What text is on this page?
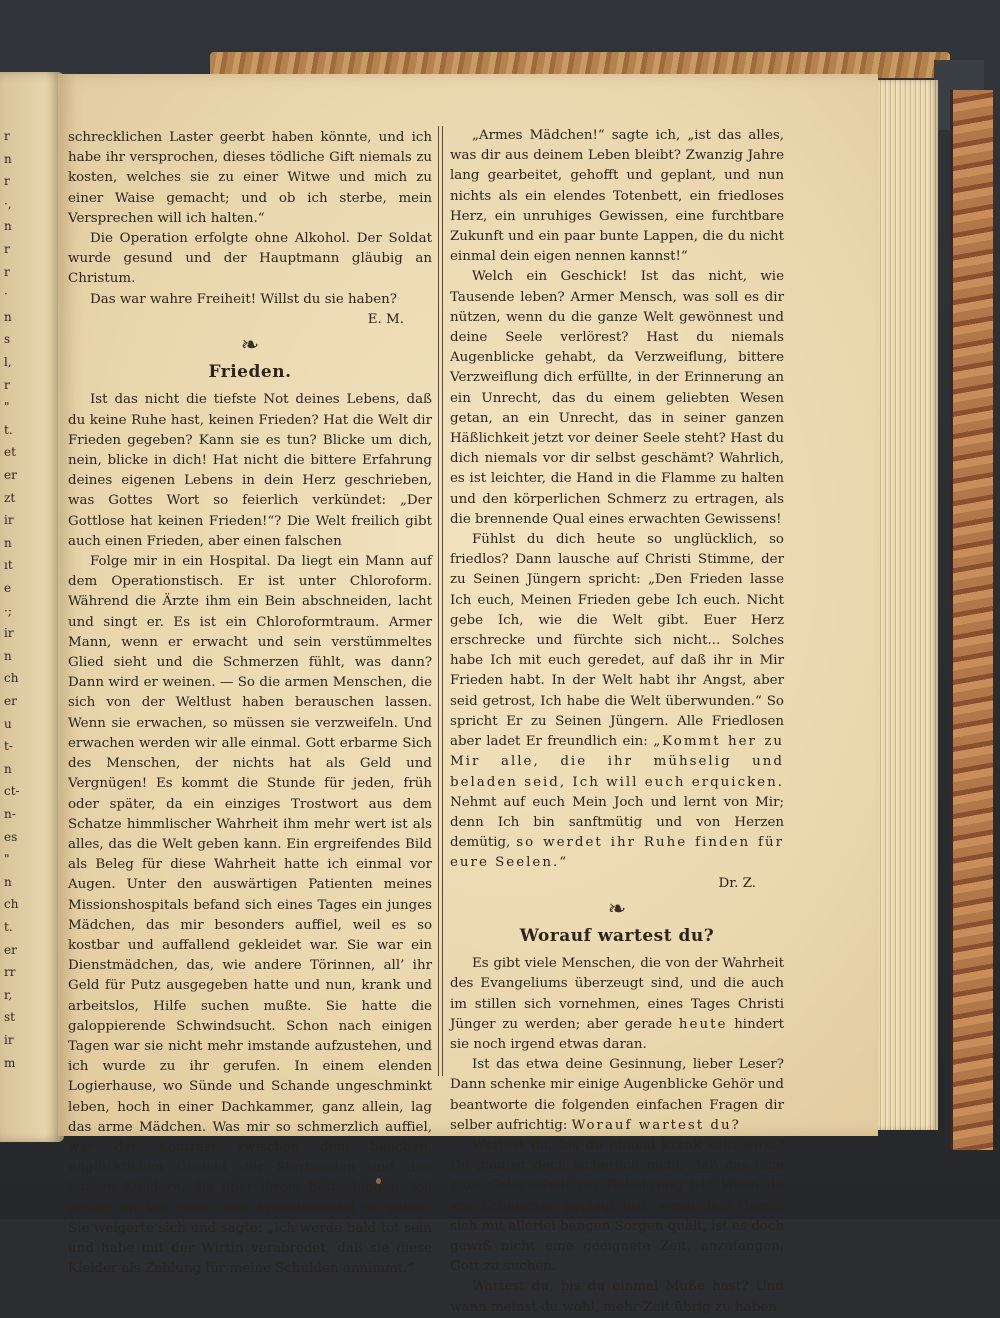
r
n
r
·,
n
r
r
·
n
s
l,
r
"
t.
et
er
zt
ir
n
ıt
e
·;
ir
n
ch
er
u
t-
n
ct-
n-
es
"
n
ch
t.
er
rr
r,
st
ir
m

schrecklichen Laster geerbt haben könnte, und ich habe ihr versprochen, dieses tödliche Gift niemals zu kosten, welches sie zu einer Witwe und mich zu einer Waise gemacht; und ob ich sterbe, mein Versprechen will ich halten.“

Die Operation erfolgte ohne Alkohol. Der Soldat wurde gesund und der Hauptmann gläubig an Christum.

Das war wahre Freiheit! Willst du sie haben?

E. M.

❧
Frieden.

Ist das nicht die tiefste Not deines Lebens, daß du keine Ruhe hast, keinen Frieden? Hat die Welt dir Frieden gegeben? Kann sie es tun? Blicke um dich, nein, blicke in dich! Hat nicht die bittere Erfahrung deines eigenen Lebens in dein Herz geschrieben, was Gottes Wort so feierlich verkündet: „Der Gottlose hat keinen Frieden!“? Die Welt freilich gibt auch einen Frieden, aber einen falschen

Folge mir in ein Hospital. Da liegt ein Mann auf dem Operationstisch. Er ist unter Chloroform. Während die Ärzte ihm ein Bein abschneiden, lacht und singt er. Es ist ein Chloroformtraum. Armer Mann, wenn er erwacht und sein verstümmeltes Glied sieht und die Schmerzen fühlt, was dann? Dann wird er weinen. — So die armen Menschen, die sich von der Weltlust haben berauschen lassen. Wenn sie erwachen, so müssen sie verzweifeln. Und erwachen werden wir alle einmal. Gott erbarme Sich des Menschen, der nichts hat als Geld und Vergnügen! Es kommt die Stunde für jeden, früh oder später, da ein einziges Trostwort aus dem Schatze himmlischer Wahrheit ihm mehr wert ist als alles, das die Welt geben kann. Ein ergreifendes Bild als Beleg für diese Wahrheit hatte ich einmal vor Augen. Unter den auswärtigen Patienten meines Missionshospitals befand sich eines Tages ein junges Mädchen, das mir besonders auffiel, weil es so kostbar und auffallend gekleidet war. Sie war ein Dienstmädchen, das, wie andere Törinnen, all’ ihr Geld für Putz ausgegeben hatte und nun, krank und arbeitslos, Hilfe suchen mußte. Sie hatte die galoppierende Schwindsucht. Schon nach einigen Tagen war sie nicht mehr imstande aufzustehen, und ich wurde zu ihr gerufen. In einem elenden Logierhause, wo Sünde und Schande ungeschminkt leben, hoch in einer Dachkammer, ganz allein, lag das arme Mädchen. Was mir so schmerzlich auffiel, war der Kontrast zwischen dem bleichen, unglücklichen Gesicht der Sterbenden und den bunten Kleidern, die über ihrem Bette hingen. Ich schlug ihr vor, nach dem Armenhospital zu gehen. Sie weigerte sich und sagte: „Ich werde bald tot sein und habe mit der Wirtin verabredet, daß sie diese Kleider als Zahlung für meine Schulden annimmt.“

„Armes Mädchen!“ sagte ich, „ist das alles, was dir aus deinem Leben bleibt? Zwanzig Jahre lang gearbeitet, gehofft und geplant, und nun nichts als ein elendes Totenbett, ein friedloses Herz, ein unruhiges Gewissen, eine furchtbare Zukunft und ein paar bunte Lappen, die du nicht einmal dein eigen nennen kannst!“

Welch ein Geschick! Ist das nicht, wie Tausende leben? Armer Mensch, was soll es dir nützen, wenn du die ganze Welt gewönnest und deine Seele verlörest? Hast du niemals Augenblicke gehabt, da Verzweiflung, bittere Verzweiflung dich erfüllte, in der Erinnerung an ein Unrecht, das du einem geliebten Wesen getan, an ein Unrecht, das in seiner ganzen Häßlichkeit jetzt vor deiner Seele steht? Hast du dich niemals vor dir selbst geschämt? Wahrlich, es ist leichter, die Hand in die Flamme zu halten und den körperlichen Schmerz zu ertragen, als die brennende Qual eines erwachten Gewissens!

Fühlst du dich heute so unglücklich, so friedlos? Dann lausche auf Christi Stimme, der zu Seinen Jüngern spricht: „Den Frieden lasse Ich euch, Meinen Frieden gebe Ich euch. Nicht gebe Ich, wie die Welt gibt. Euer Herz erschrecke und fürchte sich nicht... Solches habe Ich mit euch geredet, auf daß ihr in Mir Frieden habt. In der Welt habt ihr Angst, aber seid getrost, Ich habe die Welt überwunden.“ So spricht Er zu Seinen Jüngern. Alle Friedlosen aber ladet Er freundlich ein: „Kommt her zu Mir alle, die ihr mühselig und beladen seid, Ich will euch erquicken. Nehmt auf euch Mein Joch und lernt von Mir; denn Ich bin sanftmütig und von Herzen demütig, so werdet ihr Ruhe finden für eure Seelen.“

Dr. Z.

❧
Worauf wartest du?

Es gibt viele Menschen, die von der Wahrheit des Evangeliums überzeugt sind, und die auch im stillen sich vornehmen, eines Tages Christi Jünger zu werden; aber gerade heute hindert sie noch irgend etwas daran.

Ist das etwa deine Gesinnung, lieber Leser? Dann schenke mir einige Augenblicke Gehör und beantworte die folgenden einfachen Fragen dir selber aufrichtig: Worauf wartest du?

Wartest du, bis du einmal krank sein wirst? Du glaubst doch sicherlich nicht, daß das eine gute Gelegenheit zur Bekehrung ist? Wenn du von Schmerzen geplagt bist, wenn dein Gemüt sich mit allerlei bangen Sorgen quält, ist es doch gewiß nicht eine geeignete Zeit, anzufangen, Gott zu suchen.

Wartest du, bis du einmal Muße hast? Und wann meinst du wohl, mehr Zeit übrig zu haben
